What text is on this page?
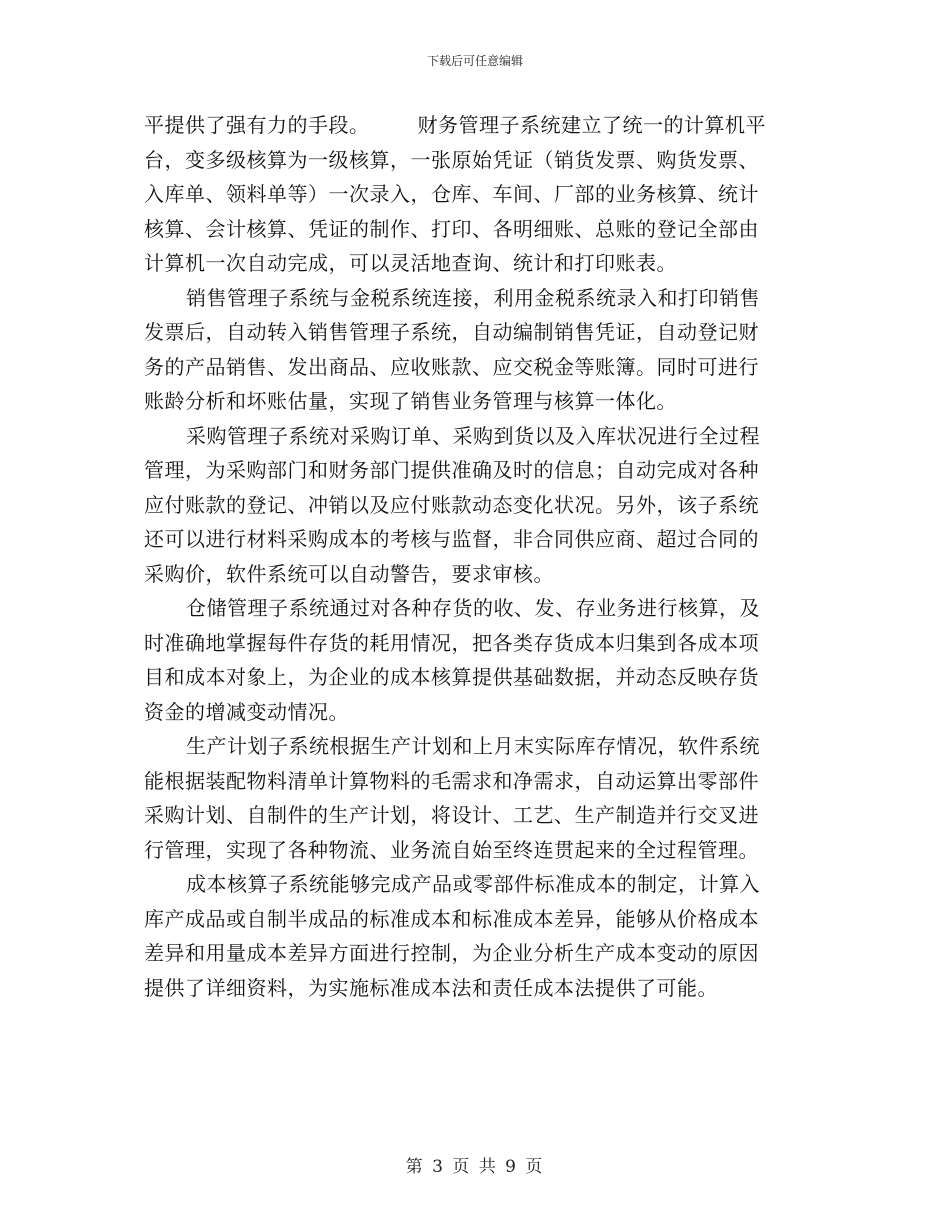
下载后可任意编辑
平提供了强有力的手段。 财务管理子系统建立了统一的计算机平
台，变多级核算为一级核算，一张原始凭证（销货发票、购货发票、
入库单、领料单等）一次录入，仓库、车间、厂部的业务核算、统计
核算、会计核算、凭证的制作、打印、各明细账、总账的登记全部由
计算机一次自动完成，可以灵活地查询、统计和打印账表。
销售管理子系统与金税系统连接，利用金税系统录入和打印销售
发票后，自动转入销售管理子系统，自动编制销售凭证，自动登记财
务的产品销售、发出商品、应收账款、应交税金等账簿。同时可进行
账龄分析和坏账估量，实现了销售业务管理与核算一体化。
采购管理子系统对采购订单、采购到货以及入库状况进行全过程
管理，为采购部门和财务部门提供准确及时的信息；自动完成对各种
应付账款的登记、冲销以及应付账款动态变化状况。另外，该子系统
还可以进行材料采购成本的考核与监督，非合同供应商、超过合同的
采购价，软件系统可以自动警告，要求审核。
仓储管理子系统通过对各种存货的收、发、存业务进行核算，及
时准确地掌握每件存货的耗用情况，把各类存货成本归集到各成本项
目和成本对象上，为企业的成本核算提供基础数据，并动态反映存货
资金的增减变动情况。
生产计划子系统根据生产计划和上月末实际库存情况，软件系统
能根据装配物料清单计算物料的毛需求和净需求，自动运算出零部件
采购计划、自制件的生产计划，将设计、工艺、生产制造并行交叉进
行管理，实现了各种物流、业务流自始至终连贯起来的全过程管理。
成本核算子系统能够完成产品或零部件标准成本的制定，计算入
库产成品或自制半成品的标准成本和标准成本差异，能够从价格成本
差异和用量成本差异方面进行控制，为企业分析生产成本变动的原因
提供了详细资料，为实施标准成本法和责任成本法提供了可能。
第 3 页 共 9 页
